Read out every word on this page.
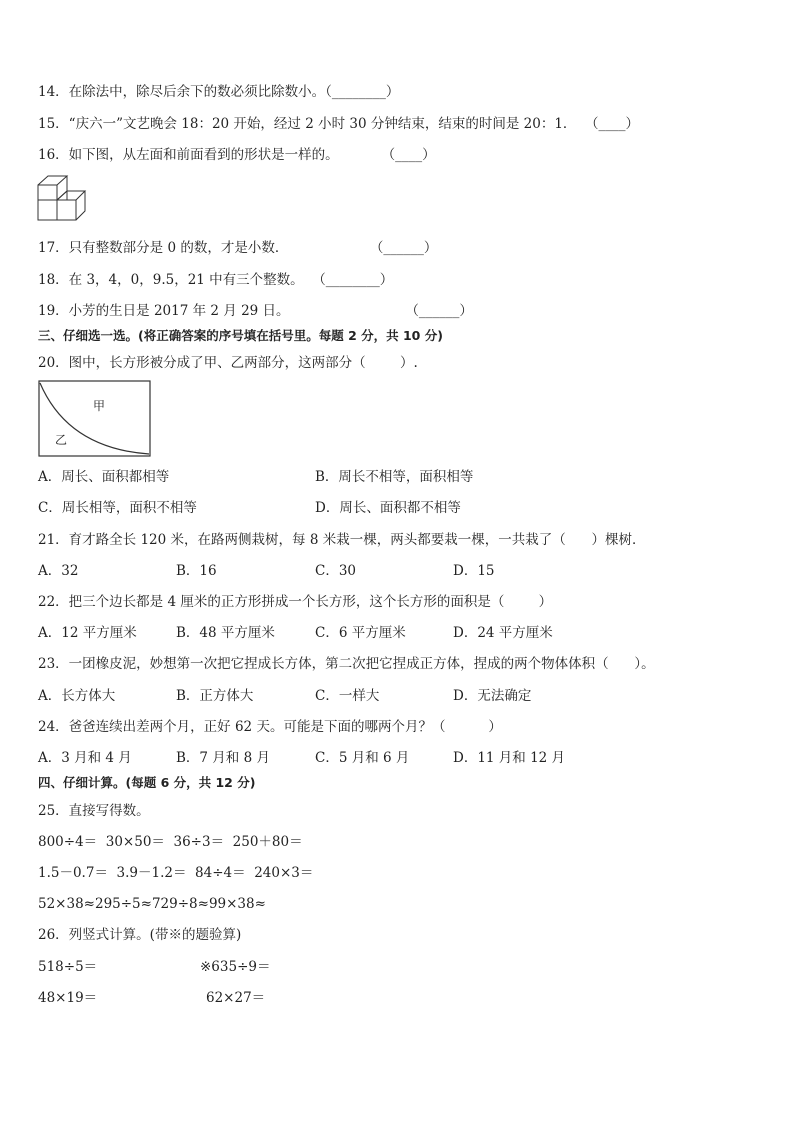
14．在除法中，除尽后余下的数必须比除数小。（________）
15．“庆六一”文艺晚会 18：20 开始，经过 2 小时 30 分钟结束，结束的时间是 20：1．  （____）
16．如下图，从左面和前面看到的形状是一样的。          （____）
17．只有整数部分是 0 的数，才是小数．                   （______）
18．在 3，4，0，9.5，21 中有三个整数。  （________）
19．小芳的生日是 2017 年 2 月 29 日。                           （______）
三、仔细选一选。(将正确答案的序号填在括号里。每题 2 分，共 10 分)
20．图中，长方形被分成了甲、乙两部分，这两部分（        ）.
甲
乙
A．周长、面积都相等	B．周长不相等，面积相等
C．周长相等，面积不相等	D．周长、面积都不相等
21．育才路全长 120 米，在路两侧栽树，每 8 米栽一棵，两头都要栽一棵，一共栽了（      ）棵树．
A．32	B．16	C．30	D．15
22．把三个边长都是 4 厘米的正方形拼成一个长方形，这个长方形的面积是（        ）
A．12 平方厘米	B．48 平方厘米	C．6 平方厘米	D．24 平方厘米
23．一团橡皮泥，妙想第一次把它捏成长方体，第二次把它捏成正方体，捏成的两个物体体积（      ）。
A．长方体大	B．正方体大	C．一样大	D．无法确定
24．爸爸连续出差两个月，正好 62 天。可能是下面的哪两个月？（          ）
A．3 月和 4 月	B．7 月和 8 月	C．5 月和 6 月	D．11 月和 12 月
四、仔细计算。(每题 6 分，共 12 分)
25．直接写得数。
800÷4＝  30×50＝  36÷3＝  250＋80＝
1.5－0.7＝  3.9－1.2＝  84÷4＝  240×3＝
52×38≈295÷5≈729÷8≈99×38≈
26．列竖式计算。(带※的题验算)
518÷5＝	※635÷9＝
48×19＝	62×27＝
